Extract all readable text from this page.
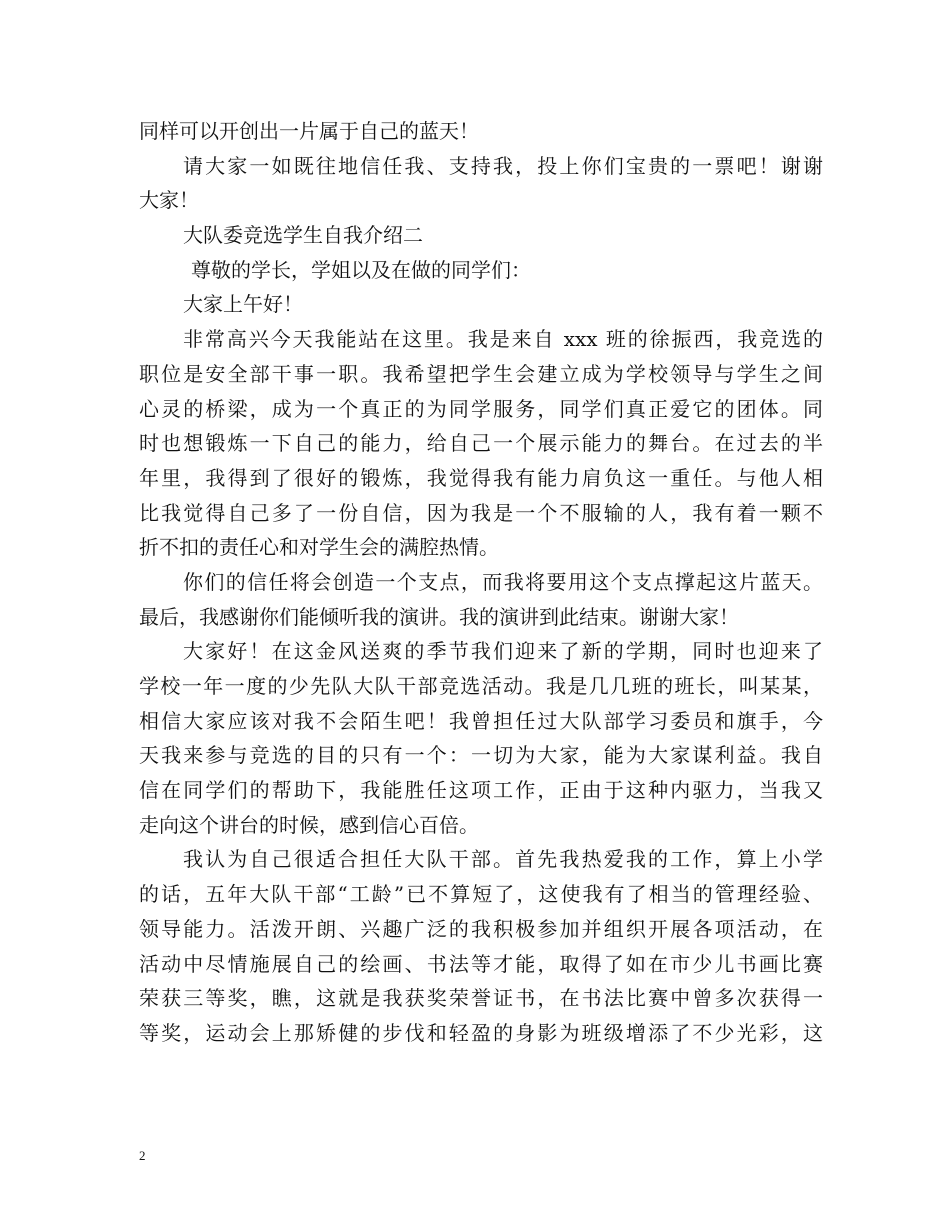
同样可以开创出一片属于自己的蓝天！
请大家一如既往地信任我、支持我，投上你们宝贵的一票吧！谢谢
大家！
大队委竞选学生自我介绍二
尊敬的学长，学姐以及在做的同学们：
大家上午好！
非常高兴今天我能站在这里。我是来自 xxx 班的徐振西，我竞选的
职位是安全部干事一职。我希望把学生会建立成为学校领导与学生之间
心灵的桥梁，成为一个真正的为同学服务，同学们真正爱它的团体。同
时也想锻炼一下自己的能力，给自己一个展示能力的舞台。在过去的半
年里，我得到了很好的锻炼，我觉得我有能力肩负这一重任。与他人相
比我觉得自己多了一份自信，因为我是一个不服输的人，我有着一颗不
折不扣的责任心和对学生会的满腔热情。
你们的信任将会创造一个支点，而我将要用这个支点撑起这片蓝天。
最后，我感谢你们能倾听我的演讲。我的演讲到此结束。谢谢大家！
大家好！在这金风送爽的季节我们迎来了新的学期，同时也迎来了
学校一年一度的少先队大队干部竞选活动。我是几几班的班长，叫某某，
相信大家应该对我不会陌生吧！我曾担任过大队部学习委员和旗手，今
天我来参与竞选的目的只有一个：一切为大家，能为大家谋利益。我自
信在同学们的帮助下，我能胜任这项工作，正由于这种内驱力，当我又
走向这个讲台的时候，感到信心百倍。
我认为自己很适合担任大队干部。首先我热爱我的工作，算上小学
的话，五年大队干部“工龄”已不算短了，这使我有了相当的管理经验、
领导能力。活泼开朗、兴趣广泛的我积极参加并组织开展各项活动，在
活动中尽情施展自己的绘画、书法等才能，取得了如在市少儿书画比赛
荣获三等奖，瞧，这就是我获奖荣誉证书，在书法比赛中曾多次获得一
等奖，运动会上那矫健的步伐和轻盈的身影为班级增添了不少光彩，这
2
